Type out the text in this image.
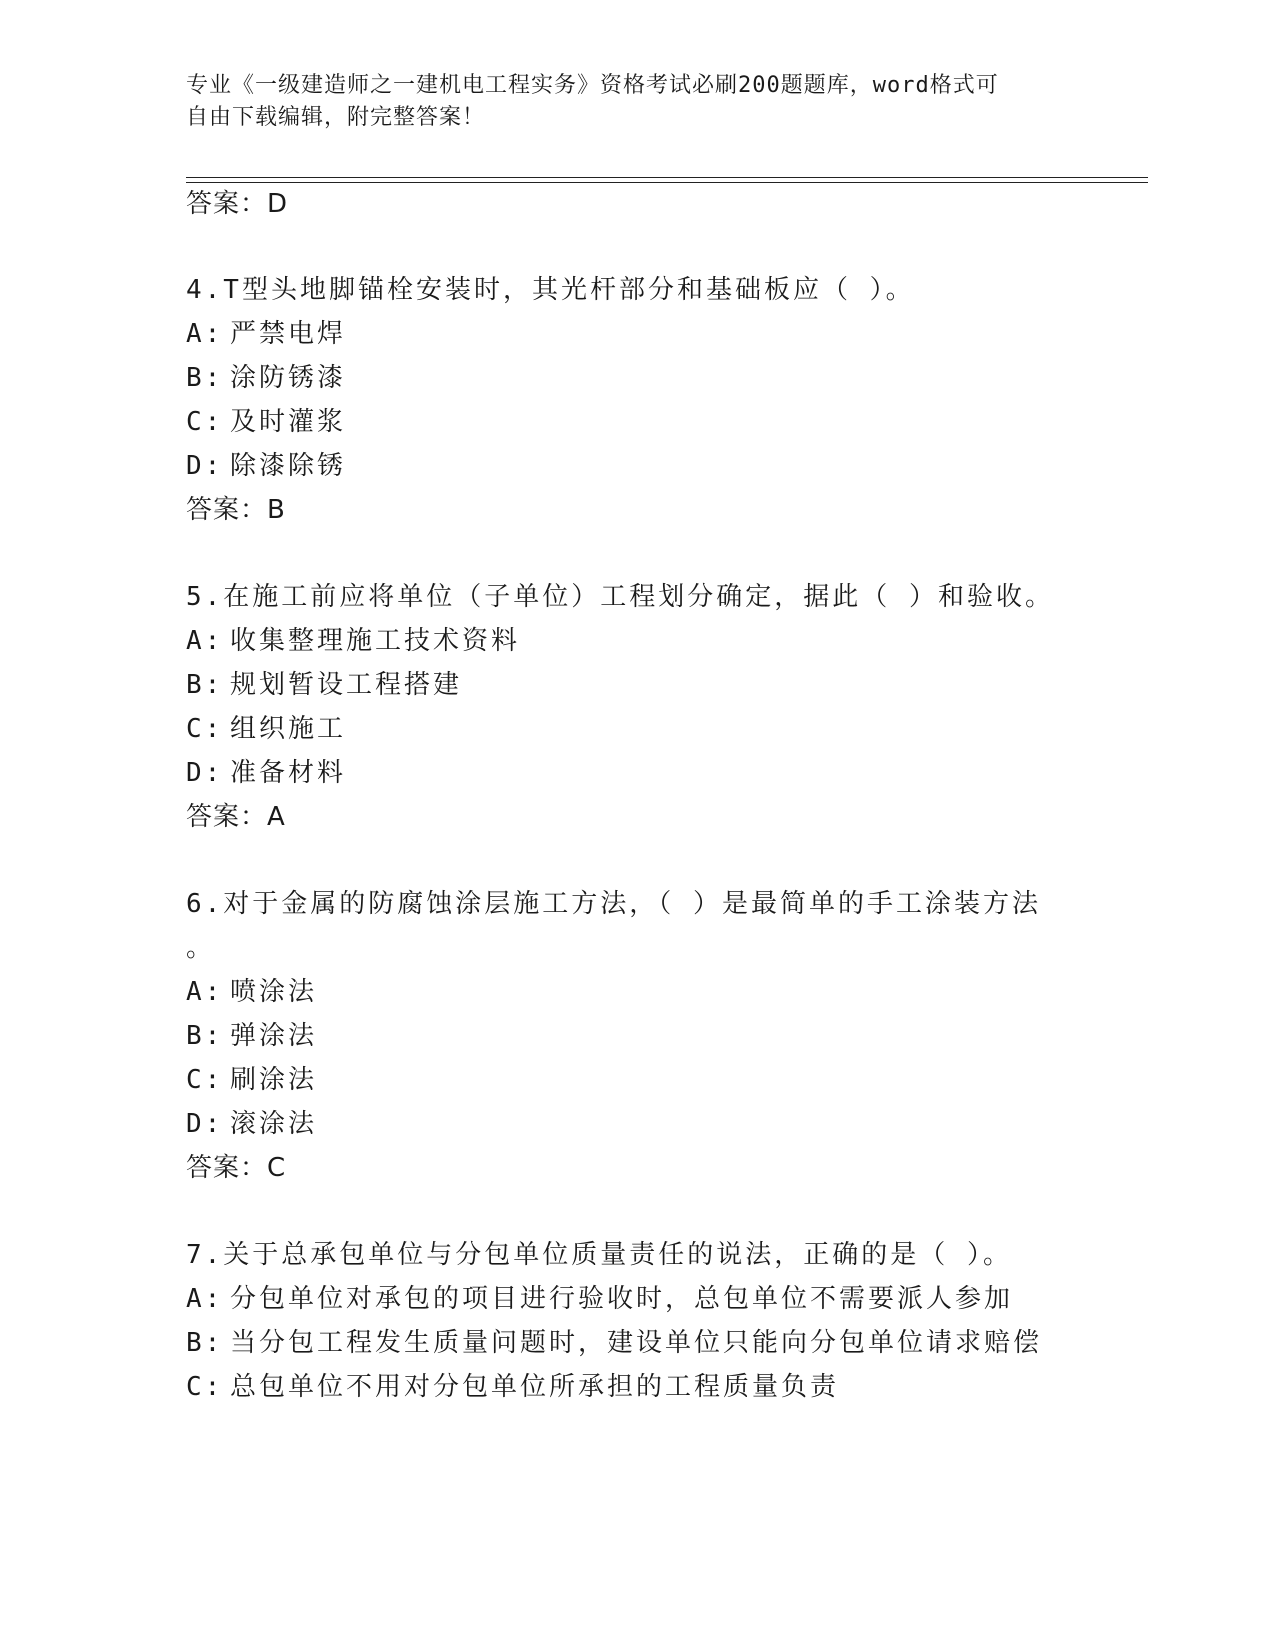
专业《一级建造师之一建机电工程实务》资格考试必刷200题题库，word格式可
自由下载编辑，附完整答案！
答案：D
4.T型头地脚锚栓安装时，其光杆部分和基础板应（ ）。
A: 严禁电焊
B: 涂防锈漆
C: 及时灌浆
D: 除漆除锈
答案：B
5.在施工前应将单位（子单位）工程划分确定，据此（ ）和验收。
A: 收集整理施工技术资料
B: 规划暂设工程搭建
C: 组织施工
D: 准备材料
答案：A
6.对于金属的防腐蚀涂层施工方法，（ ）是最简单的手工涂装方法
。
A: 喷涂法
B: 弹涂法
C: 刷涂法
D: 滚涂法
答案：C
7.关于总承包单位与分包单位质量责任的说法，正确的是（ ）。
A: 分包单位对承包的项目进行验收时，总包单位不需要派人参加
B: 当分包工程发生质量问题时，建设单位只能向分包单位请求赔偿
C: 总包单位不用对分包单位所承担的工程质量负责
